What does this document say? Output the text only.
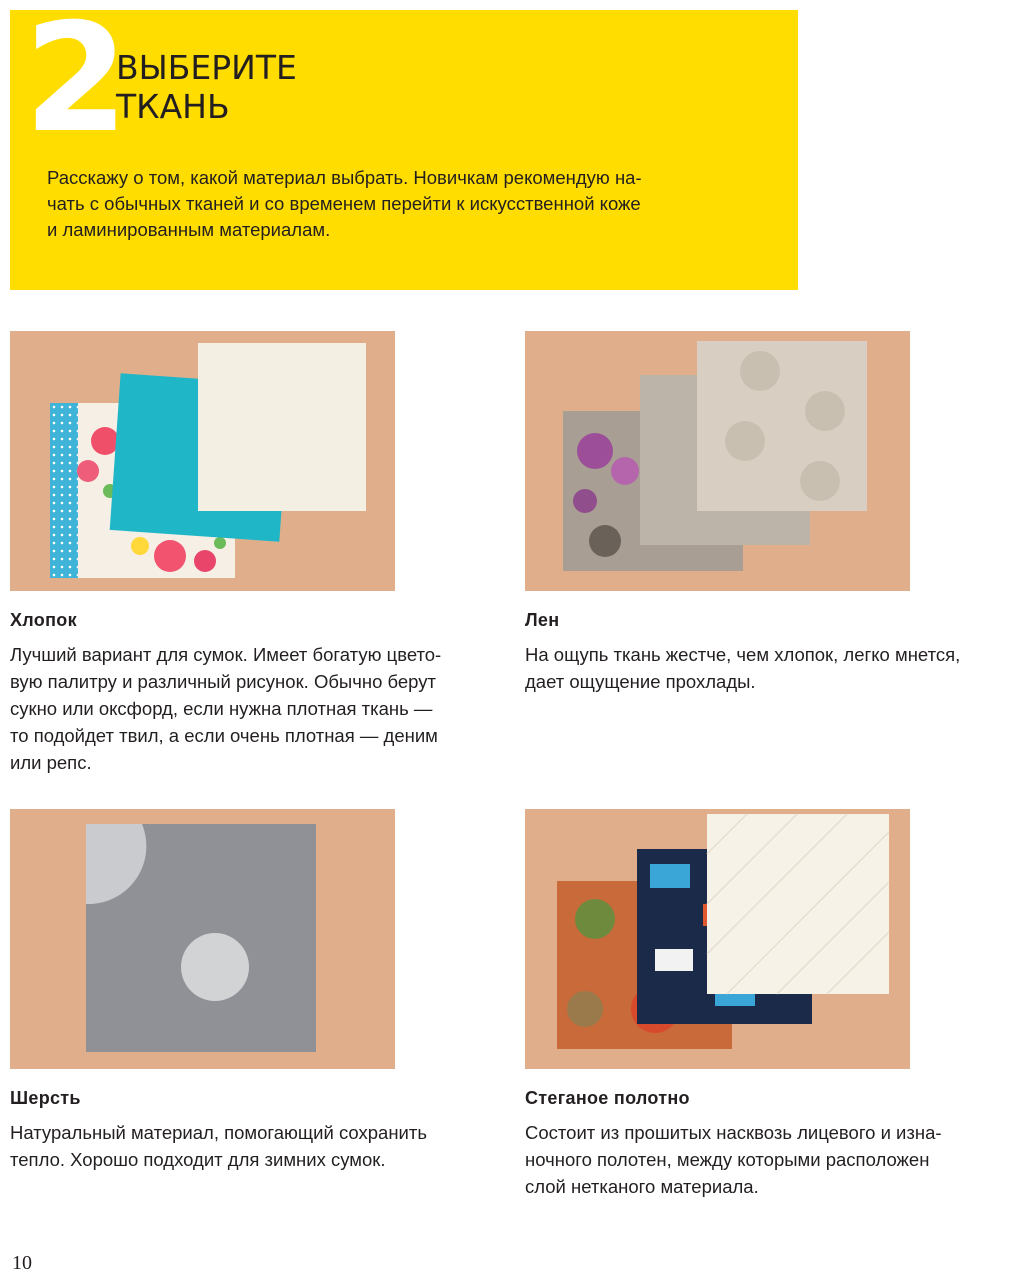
2
ВЫБЕРИТЕ
ТКАНЬ

Расскажу о том, какой материал выбрать. Новичкам рекомендую на-
чать с обычных тканей и со временем перейти к искусственной коже
и ламинированным материалам.

Хлопок

Лучший вариант для сумок. Имеет богатую цвето-
вую палитру и различный рисунок. Обычно берут
сукно или оксфорд, если нужна плотная ткань —
то подойдет твил, а если очень плотная — деним
или репс.

Лен

На ощупь ткань жестче, чем хлопок, легко мнется,
дает ощущение прохлады.

Шерсть

Натуральный материал, помогающий сохранить
тепло. Хорошо подходит для зимних сумок.

Стеганое полотно

Состоит из прошитых насквозь лицевого и изна-
ночного полотен, между которыми расположен
слой нетканого материала.

10
